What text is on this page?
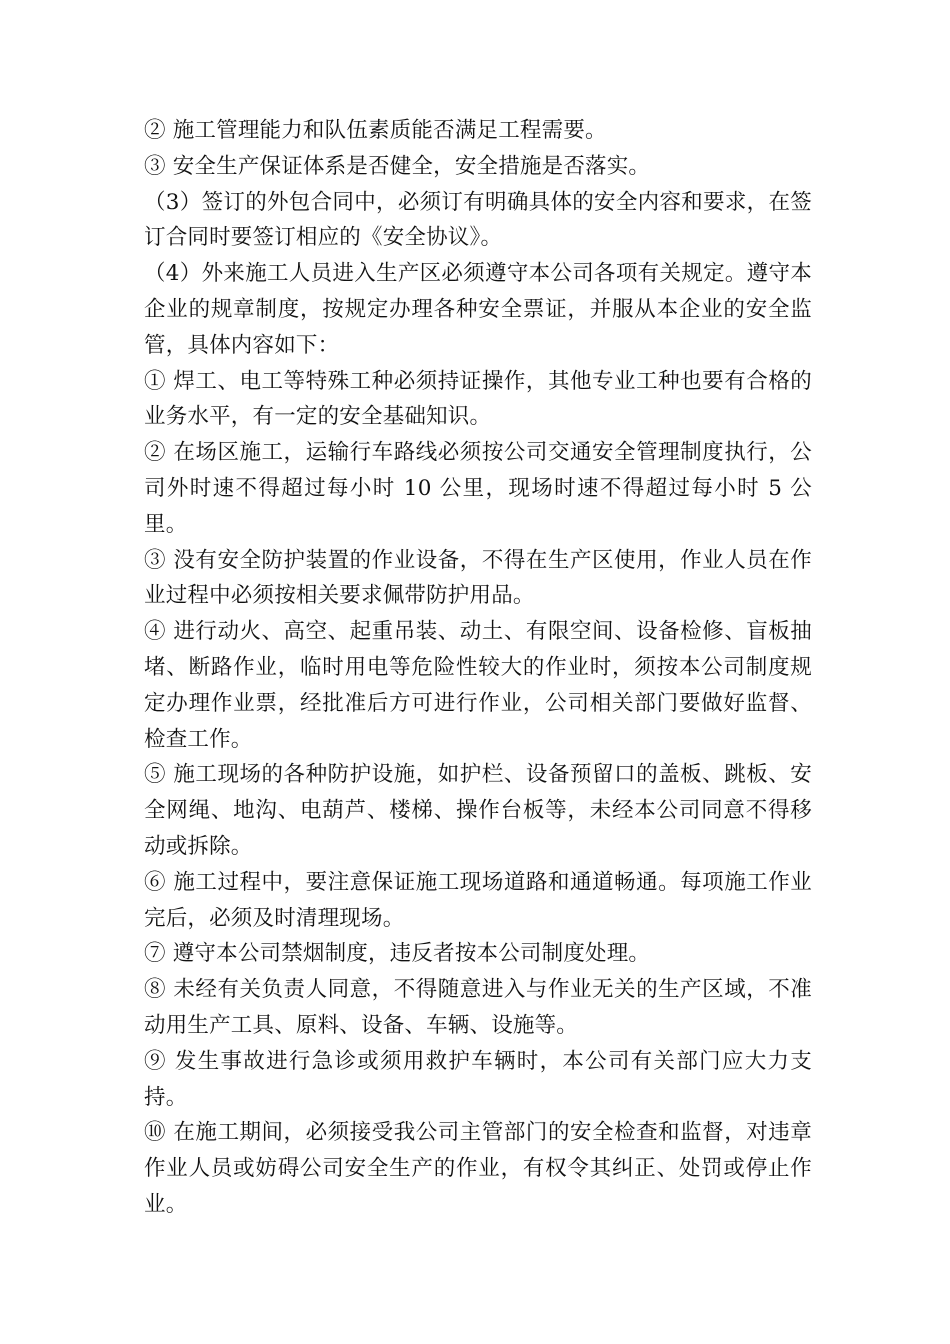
② 施工管理能力和队伍素质能否满足工程需要。

③ 安全生产保证体系是否健全，安全措施是否落实。

（3）签订的外包合同中，必须订有明确具体的安全内容和要求，在签订合同时要签订相应的《安全协议》。

（4）外来施工人员进入生产区必须遵守本公司各项有关规定。遵守本企业的规章制度，按规定办理各种安全票证，并服从本企业的安全监管，具体内容如下：

① 焊工、电工等特殊工种必须持证操作，其他专业工种也要有合格的业务水平，有一定的安全基础知识。

② 在场区施工，运输行车路线必须按公司交通安全管理制度执行，公司外时速不得超过每小时 10 公里，现场时速不得超过每小时 5 公里。

③ 没有安全防护装置的作业设备，不得在生产区使用，作业人员在作业过程中必须按相关要求佩带防护用品。

④ 进行动火、高空、起重吊装、动土、有限空间、设备检修、盲板抽堵、断路作业，临时用电等危险性较大的作业时，须按本公司制度规定办理作业票，经批准后方可进行作业，公司相关部门要做好监督、检查工作。

⑤ 施工现场的各种防护设施，如护栏、设备预留口的盖板、跳板、安全网绳、地沟、电葫芦、楼梯、操作台板等，未经本公司同意不得移动或拆除。

⑥ 施工过程中，要注意保证施工现场道路和通道畅通。每项施工作业完后，必须及时清理现场。

⑦ 遵守本公司禁烟制度，违反者按本公司制度处理。

⑧ 未经有关负责人同意，不得随意进入与作业无关的生产区域，不准动用生产工具、原料、设备、车辆、设施等。

⑨ 发生事故进行急诊或须用救护车辆时，本公司有关部门应大力支持。

⑩ 在施工期间，必须接受我公司主管部门的安全检查和监督，对违章作业人员或妨碍公司安全生产的作业，有权令其纠正、处罚或停止作业。
